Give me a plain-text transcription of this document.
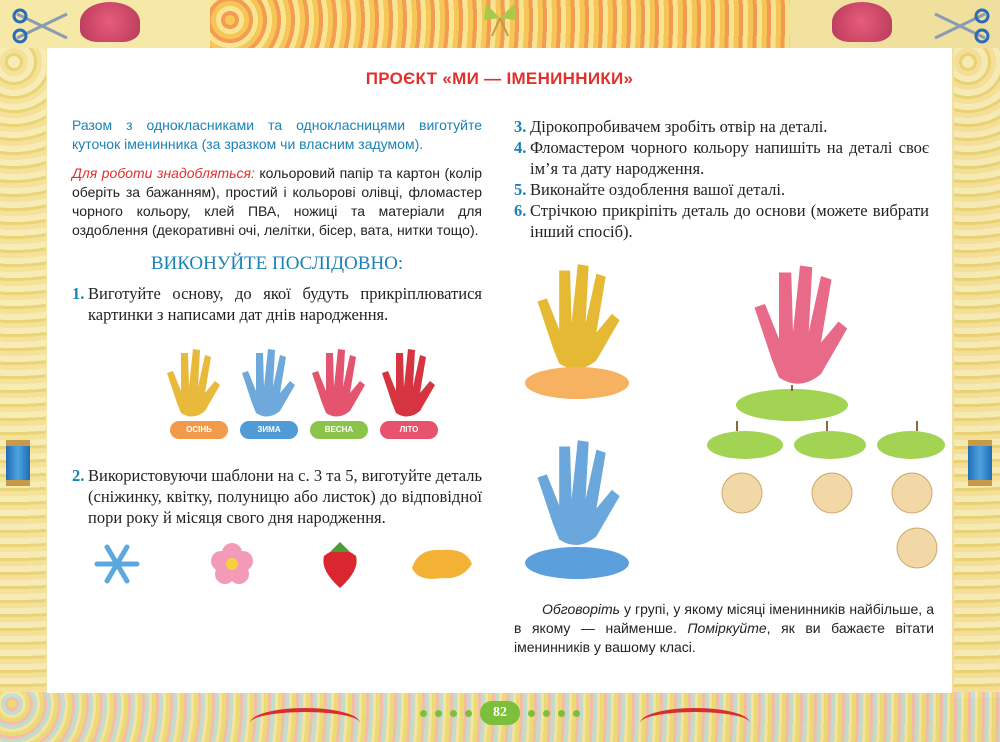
ПРОЄКТ «МИ — ІМЕНИННИКИ»

Разом з однокласниками та однокласницями виготуйте куточок іменинника (за зразком чи власним задумом).

Для роботи знадобляться: кольоровий папір та картон (колір оберіть за бажанням), простий і кольорові олівці, фломастер чорного кольору, клей ПВА, ножиці та матеріали для оздоблення (декоративні очі, лелітки, бісер, вата, нитки тощо).

ВИКОНУЙТЕ ПОСЛІДОВНО:
1. Виготуйте основу, до якої будуть прикріплюватися картинки з написами дат днів народження.
ОСІНЬ	ЗИМА	ВЕСНА	ЛІТО
2. Використовуючи шаблони на с. 3 та 5, виготуйте деталь (сніжинку, квітку, полуницю або листок) до відповідної пори року й місяця свого дня народження.
3. Дірокопробивачем зробіть отвір на деталі.
4. Фломастером чорного кольору напишіть на деталі своє ім’я та дату народження.
5. Виконайте оздоблення вашої деталі.
6. Стрічкою прикріпіть деталь до основи (можете вибрати інший спосіб).

Обговоріть у групі, у якому місяці іменинників найбільше, а в якому — найменше. Поміркуйте, як ви бажаєте вітати іменинників у вашому класі.

82
